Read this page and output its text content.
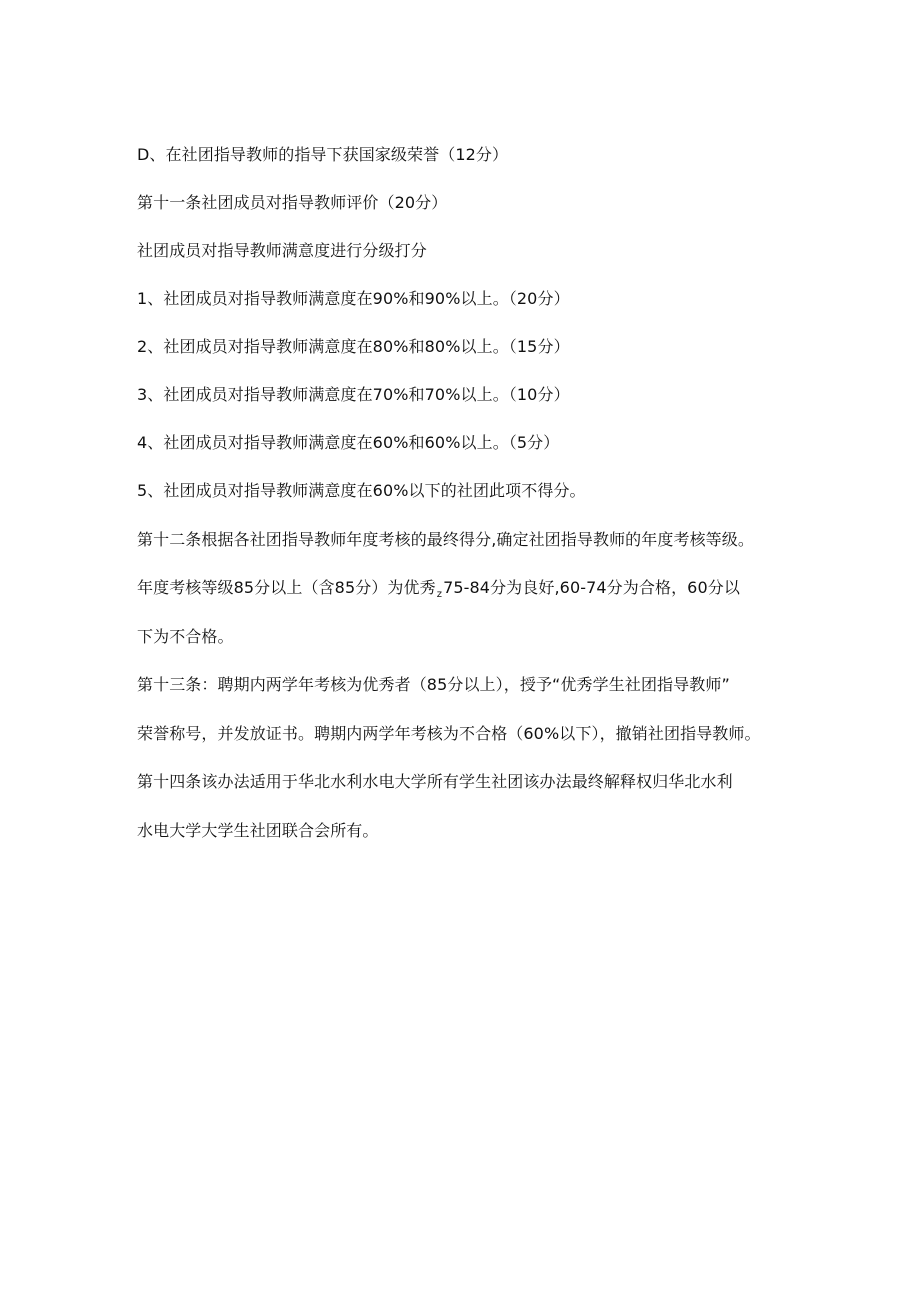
D、在社团指导教师的指导下获国家级荣誉（12分）
第十一条社团成员对指导教师评价（20分）
社团成员对指导教师满意度进行分级打分
1、社团成员对指导教师满意度在90%和90%以上。（20分）
2、社团成员对指导教师满意度在80%和80%以上。（15分）
3、社团成员对指导教师满意度在70%和70%以上。（10分）
4、社团成员对指导教师满意度在60%和60%以上。（5分）
5、社团成员对指导教师满意度在60%以下的社团此项不得分。
第十二条根据各社团指导教师年度考核的最终得分,确定社团指导教师的年度考核等级。
年度考核等级85分以上（含85分）为优秀$_z$75-84分为良好,60-74分为合格，60分以
下为不合格。
第十三条：聘期内两学年考核为优秀者（85分以上），授予“优秀学生社团指导教师”
荣誉称号，并发放证书。聘期内两学年考核为不合格（60%以下），撤销社团指导教师。
第十四条该办法适用于华北水利水电大学所有学生社团该办法最终解释权归华北水利
水电大学大学生社团联合会所有。
